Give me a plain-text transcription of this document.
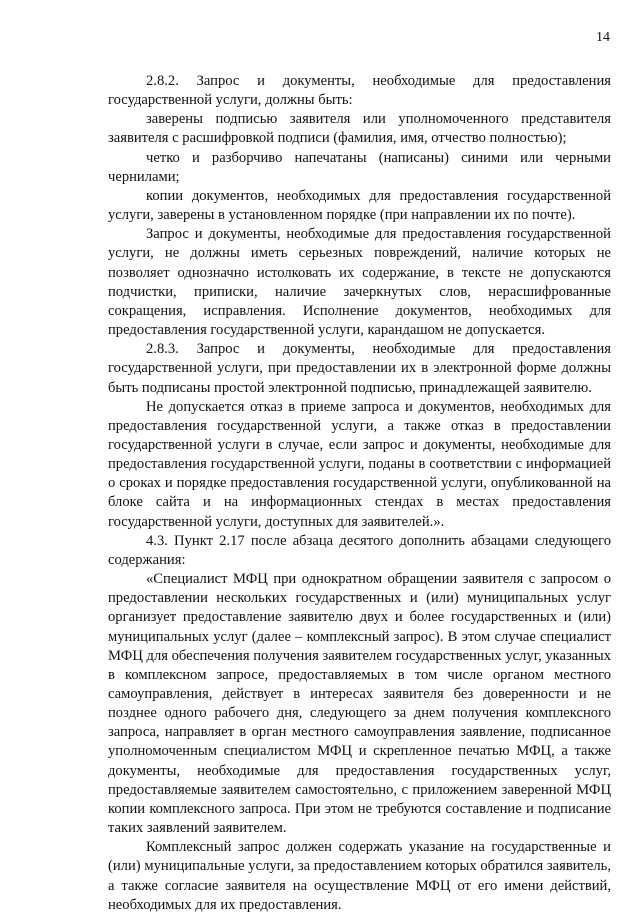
14

2.8.2. Запрос и документы, необходимые для предоставления государственной услуги, должны быть:

заверены подписью заявителя или уполномоченного представителя заявителя с расшифровкой подписи (фамилия, имя, отчество полностью);

четко и разборчиво напечатаны (написаны) синими или черными чернилами;

копии документов, необходимых для предоставления государственной услуги, заверены в установленном порядке (при направлении их по почте).

Запрос и документы, необходимые для предоставления государственной услуги, не должны иметь серьезных повреждений, наличие которых не позволяет однозначно истолковать их содержание, в тексте не допускаются подчистки, приписки, наличие зачеркнутых слов, нерасшифрованные сокращения, исправления. Исполнение документов, необходимых для предоставления государственной услуги, карандашом не допускается.

2.8.3. Запрос и документы, необходимые для предоставления государственной услуги, при предоставлении их в электронной форме должны быть подписаны простой электронной подписью, принадлежащей заявителю.

Не допускается отказ в приеме запроса и документов, необходимых для предоставления государственной услуги, а также отказ в предоставлении государственной услуги в случае, если запрос и документы, необходимые для предоставления государственной услуги, поданы в соответствии с информацией о сроках и порядке предоставления государственной услуги, опубликованной на блоке сайта и на информационных стендах в местах предоставления государственной услуги, доступных для заявителей.».

4.3. Пункт 2.17 после абзаца десятого дополнить абзацами следующего содержания:

«Специалист МФЦ при однократном обращении заявителя с запросом о предоставлении нескольких государственных и (или) муниципальных услуг организует предоставление заявителю двух и более государственных и (или) муниципальных услуг (далее – комплексный запрос). В этом случае специалист МФЦ для обеспечения получения заявителем государственных услуг, указанных в комплексном запросе, предоставляемых в том числе органом местного самоуправления, действует в интересах заявителя без доверенности и не позднее одного рабочего дня, следующего за днем получения комплексного запроса, направляет в орган местного самоуправления заявление, подписанное уполномоченным специалистом МФЦ и скрепленное печатью МФЦ, а также документы, необходимые для предоставления государственных услуг, предоставляемые заявителем самостоятельно, с приложением заверенной МФЦ копии комплексного запроса. При этом не требуются составление и подписание таких заявлений заявителем.

Комплексный запрос должен содержать указание на государственные и (или) муниципальные услуги, за предоставлением которых обратился заявитель, а также согласие заявителя на осуществление МФЦ от его имени действий, необходимых для их предоставления.
